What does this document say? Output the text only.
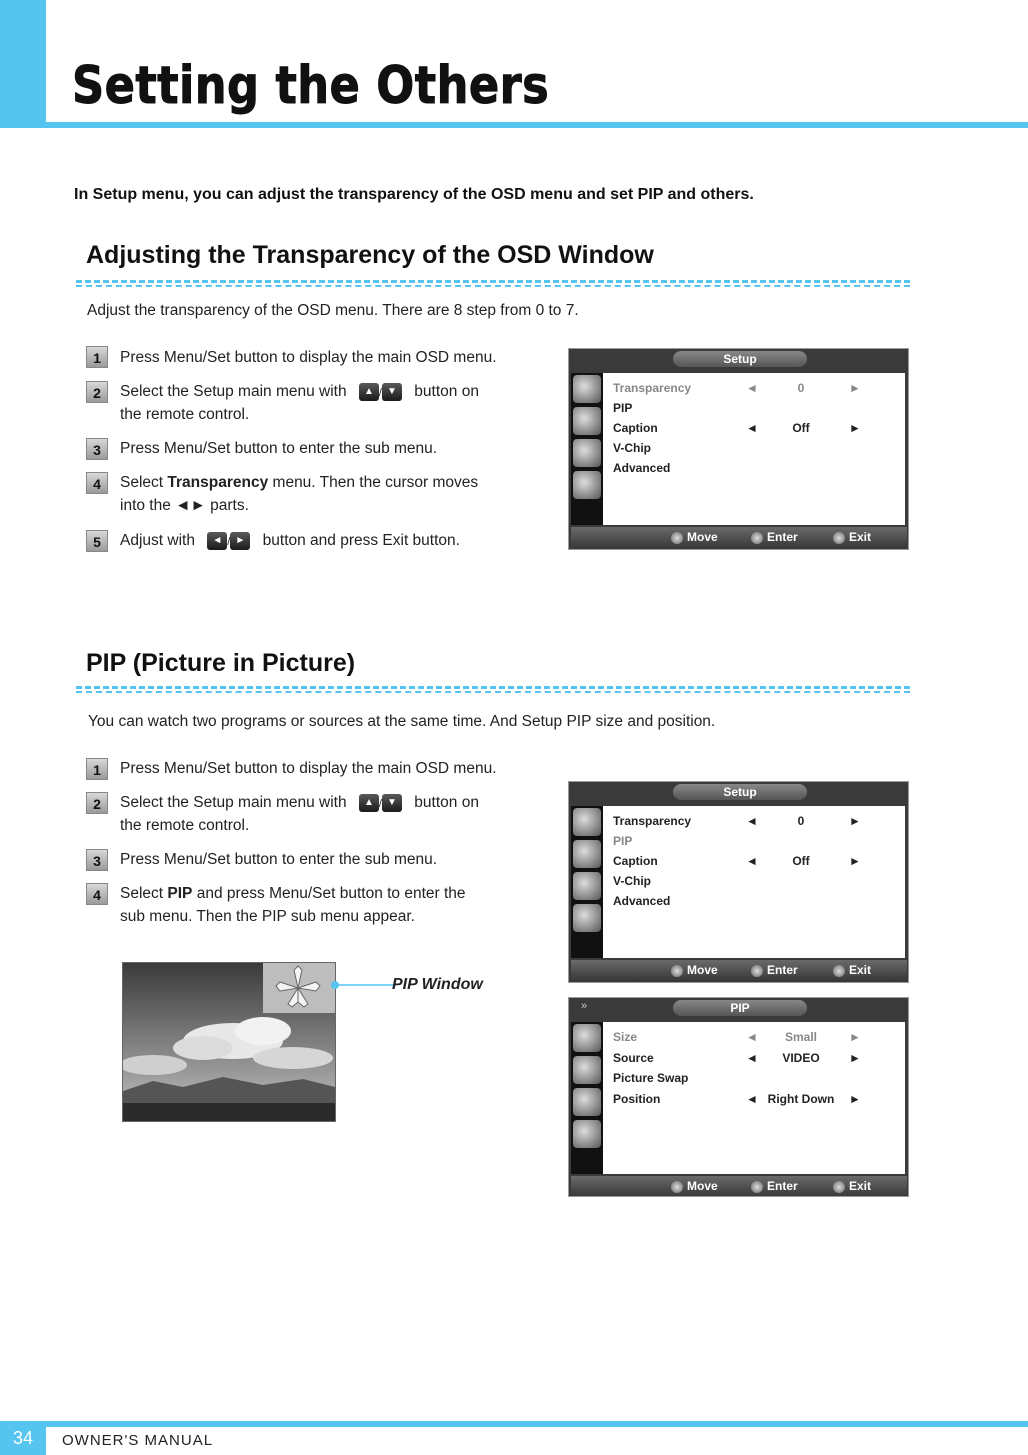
Setting the Others
In Setup menu, you can adjust the transparency of the OSD menu and set PIP and others.
Adjusting the Transparency of the OSD Window
Adjust the transparency of the OSD menu. There are 8 step from 0 to 7.
1	Press Menu/Set button to display the main OSD menu.
2	Select the Setup main menu with ▲ / ▼ button on
the remote control.
3	Press Menu/Set button to enter the sub menu.
4	Select Transparency menu. Then the cursor moves
into the ◄► parts.
5	Adjust with ◄ / ► button and press Exit button.
Setup
Transparency	◄	0	►
PIP
Caption	◄	Off	►
V-Chip
Advanced
Move	Enter	Exit
PIP (Picture in Picture)
You can watch two programs or sources at the same time. And Setup PIP size and position.
1	Press Menu/Set button to display the main OSD menu.
2	Select the Setup main menu with ▲ / ▼ button on
the remote control.
3	Press Menu/Set button to enter the sub menu.
4	Select PIP and press Menu/Set button to enter the
sub menu. Then the PIP sub menu appear.
PIP Window
Setup
Transparency	◄	0	►
PIP
Caption	◄	Off	►
V-Chip
Advanced
Move	Enter	Exit
»	PIP
Size	◄	Small	►
Source	◄	VIDEO	►
Picture Swap
Position	◄ Right Down	►
Move	Enter	Exit
34	OWNER'S MANUAL
